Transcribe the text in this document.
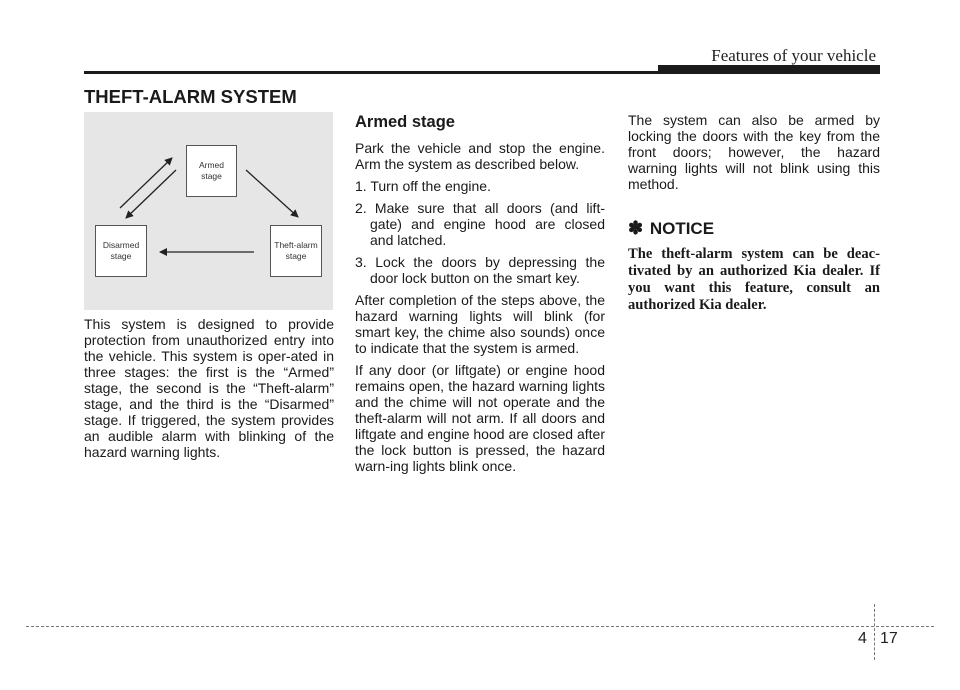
Features of your vehicle
THEFT-ALARM SYSTEM
Armed stage
Disarmed stage
Theft-alarm stage

This system is designed to provide protection from unauthorized entry into the vehicle. This system is oper-ated in three stages: the first is the “Armed” stage, the second is the “Theft-alarm” stage, and the third is the “Disarmed” stage. If triggered, the system provides an audible alarm with blinking of the hazard warning lights.

Armed stage

Park the vehicle and stop the engine. Arm the system as described below.

1. Turn off the engine.
2. Make sure that all doors (and lift-gate) and engine hood are closed and latched.
3. Lock the doors by depressing the door lock button on the smart key.

After completion of the steps above, the hazard warning lights will blink (for smart key, the chime also sounds) once to indicate that the system is armed.

If any door (or liftgate) or engine hood remains open, the hazard warning lights and the chime will not operate and the theft-alarm will not arm. If all doors and liftgate and engine hood are closed after the lock button is pressed, the hazard warn-ing lights blink once.

The system can also be armed by locking the doors with the key from the front doors; however, the hazard warning lights will not blink using this method.

✽ NOTICE
The theft-alarm system can be deac-tivated by an authorized Kia dealer. If you want this feature, consult an authorized Kia dealer.
4 17
